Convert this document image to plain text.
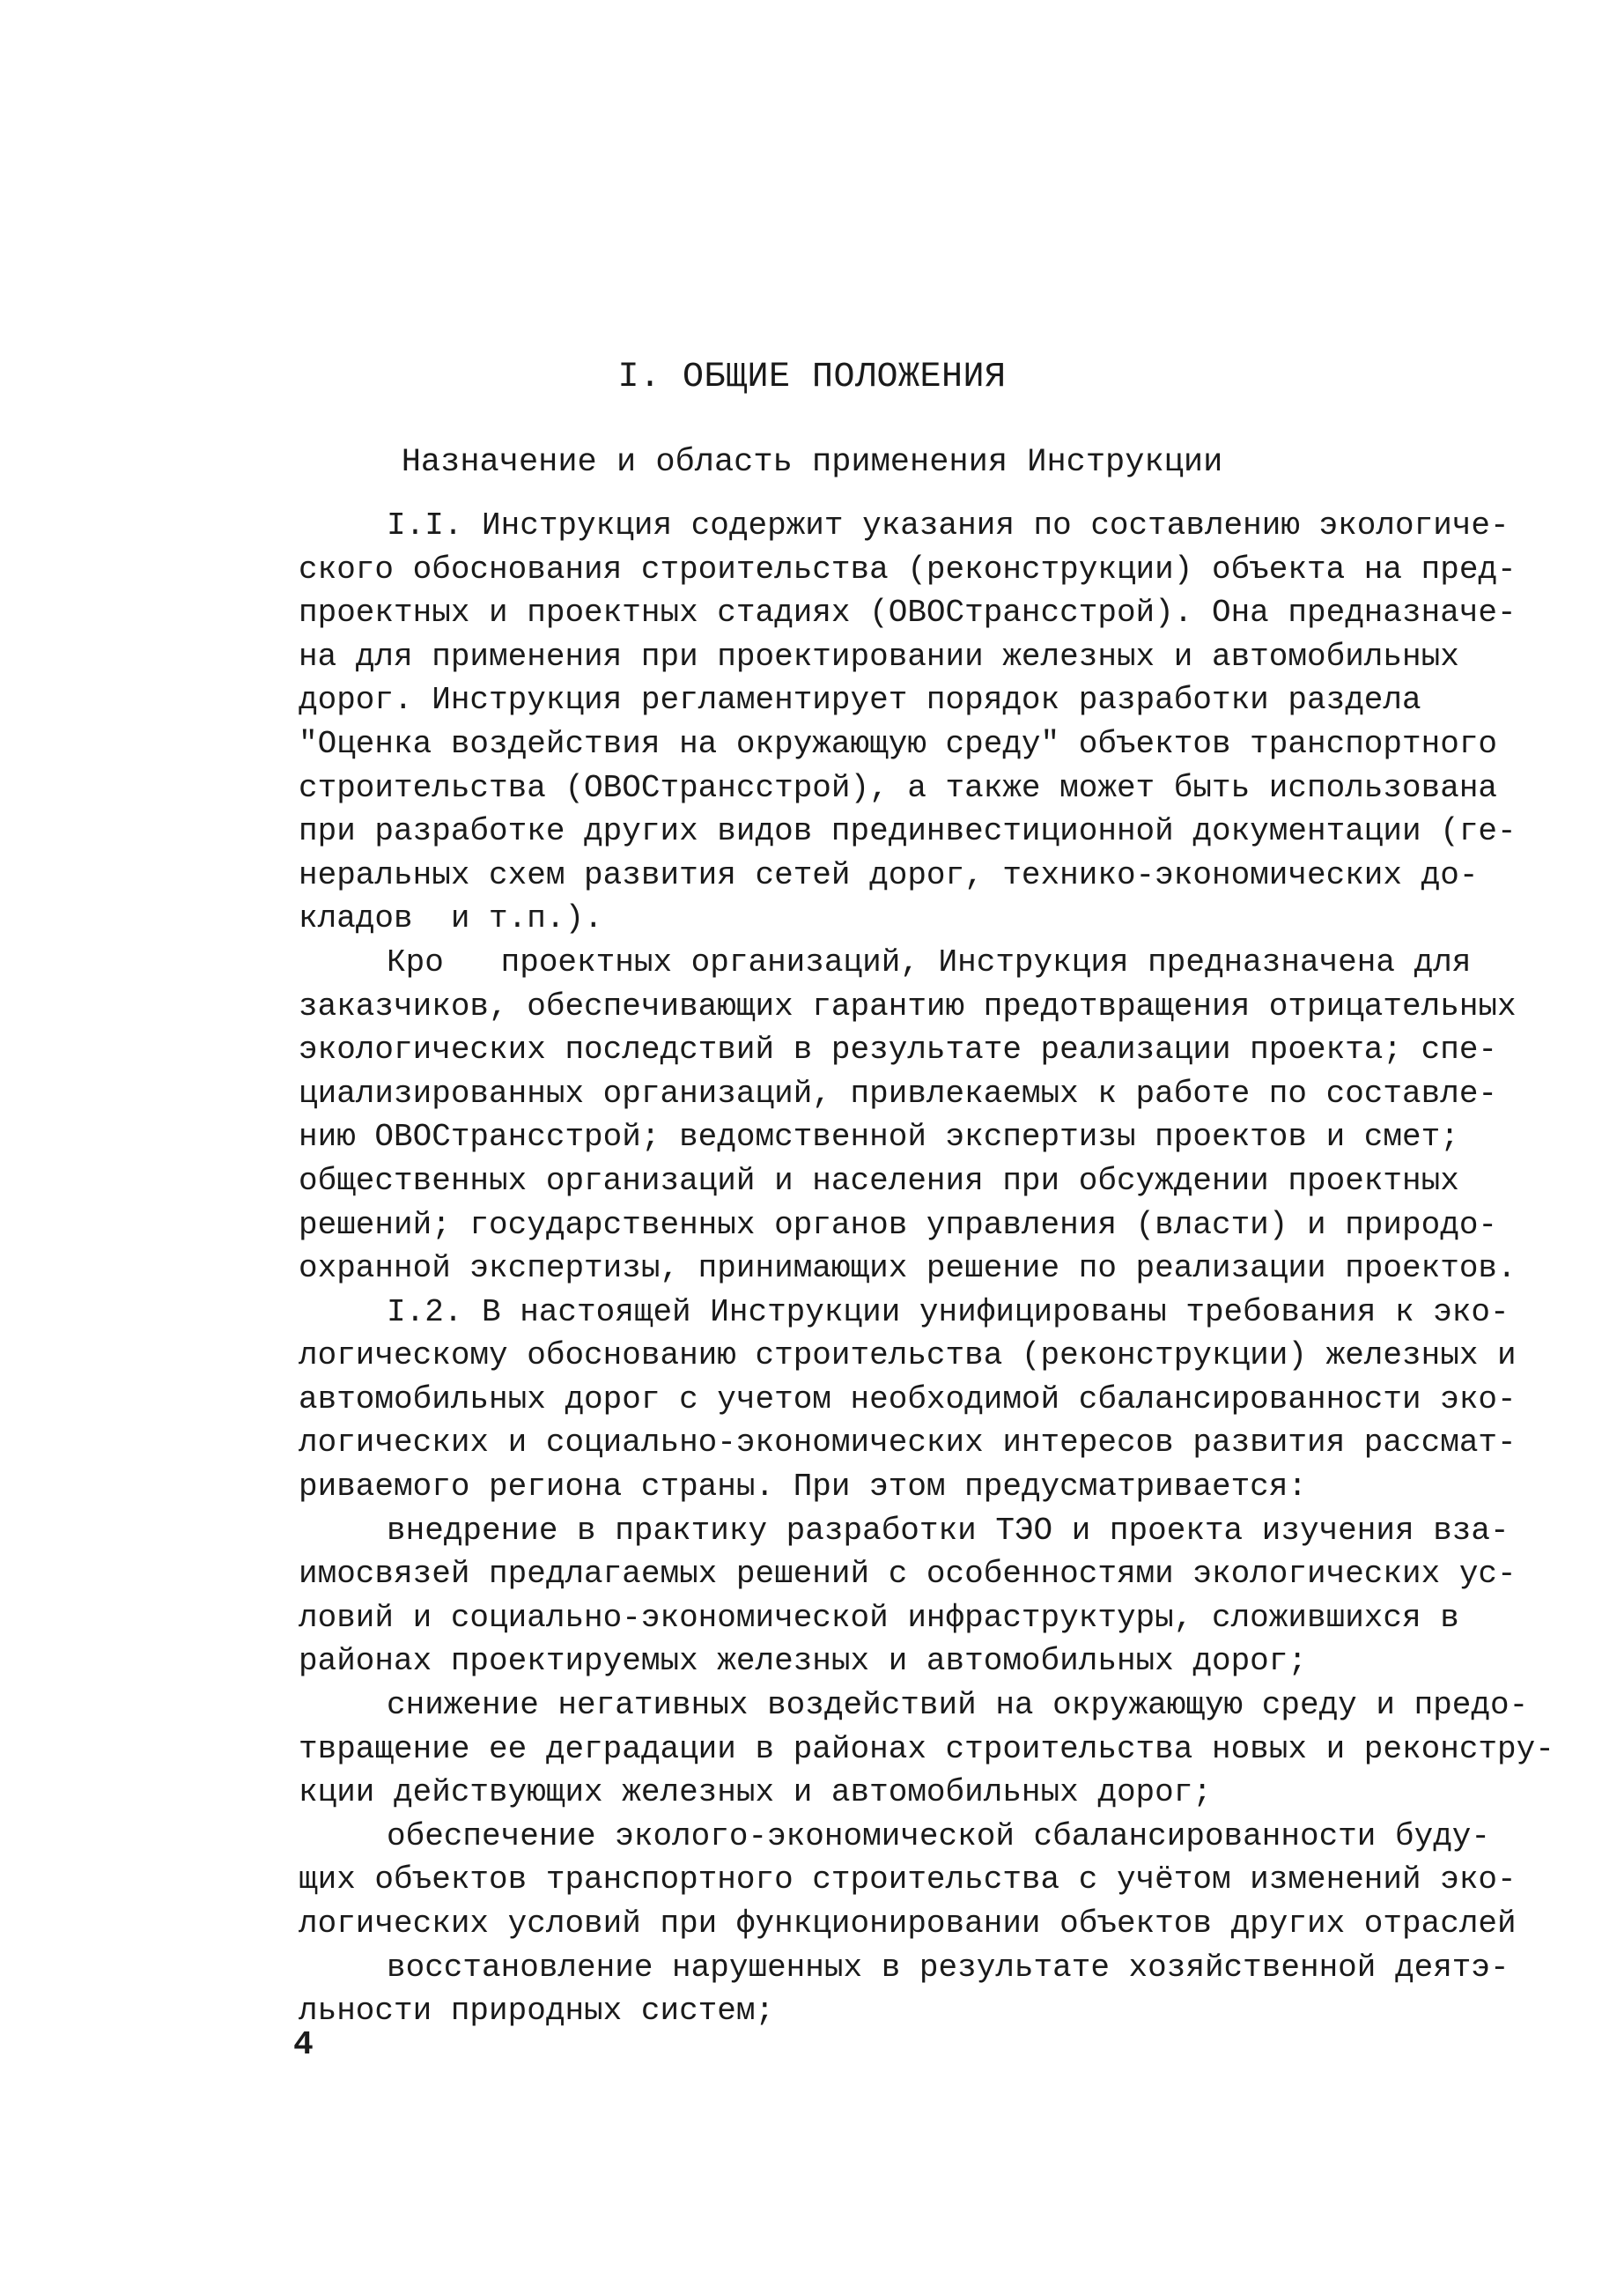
I. ОБЩИЕ ПОЛОЖЕНИЯ
Назначение и область применения Инструкции
I.I. Инструкция содержит указания по составлению экологиче-
ского обоснования строительства (реконструкции) объекта на пред-
проектных и проектных стадиях (ОВОСтрансстрой). Она предназначе-
на для применения при проектировании железных и автомобильных
дорог. Инструкция регламентирует порядок разработки раздела
"Оценка воздействия на окружающую среду" объектов транспортного
строительства (ОВОСтрансстрой), а также может быть использована
при разработке других видов прединвестиционной документации (ге-
неральных схем развития сетей дорог, технико-экономических до-
кладов  и т.п.).
Кро   проектных организаций, Инструкция предназначена для
заказчиков, обеспечивающих гарантию предотвращения отрицательных
экологических последствий в результате реализации проекта; спе-
циализированных организаций, привлекаемых к работе по составле-
нию ОВОСтрансстрой; ведомственной экспертизы проектов и смет;
общественных организаций и населения при обсуждении проектных
решений; государственных органов управления (власти) и природо-
охранной экспертизы, принимающих решение по реализации проектов.
I.2. В настоящей Инструкции унифицированы требования к эко-
логическому обоснованию строительства (реконструкции) железных и
автомобильных дорог с учетом необходимой сбалансированности эко-
логических и социально-экономических интересов развития рассмат-
риваемого региона страны. При этом предусматривается:
внедрение в практику разработки ТЭО и проекта изучения вза-
имосвязей предлагаемых решений с особенностями экологических ус-
ловий и социально-экономической инфраструктуры, сложившихся в
районах проектируемых железных и автомобильных дорог;
снижение негативных воздействий на окружающую среду и предо-
твращение ее деградации в районах строительства новых и реконстру-
кции действующих железных и автомобильных дорог;
обеспечение эколого-экономической сбалансированности буду-
щих объектов транспортного строительства с учётом изменений эко-
логических условий при функционировании объектов других отраслей
восстановление нарушенных в результате хозяйственной деятэ-
льности природных систем;
4
